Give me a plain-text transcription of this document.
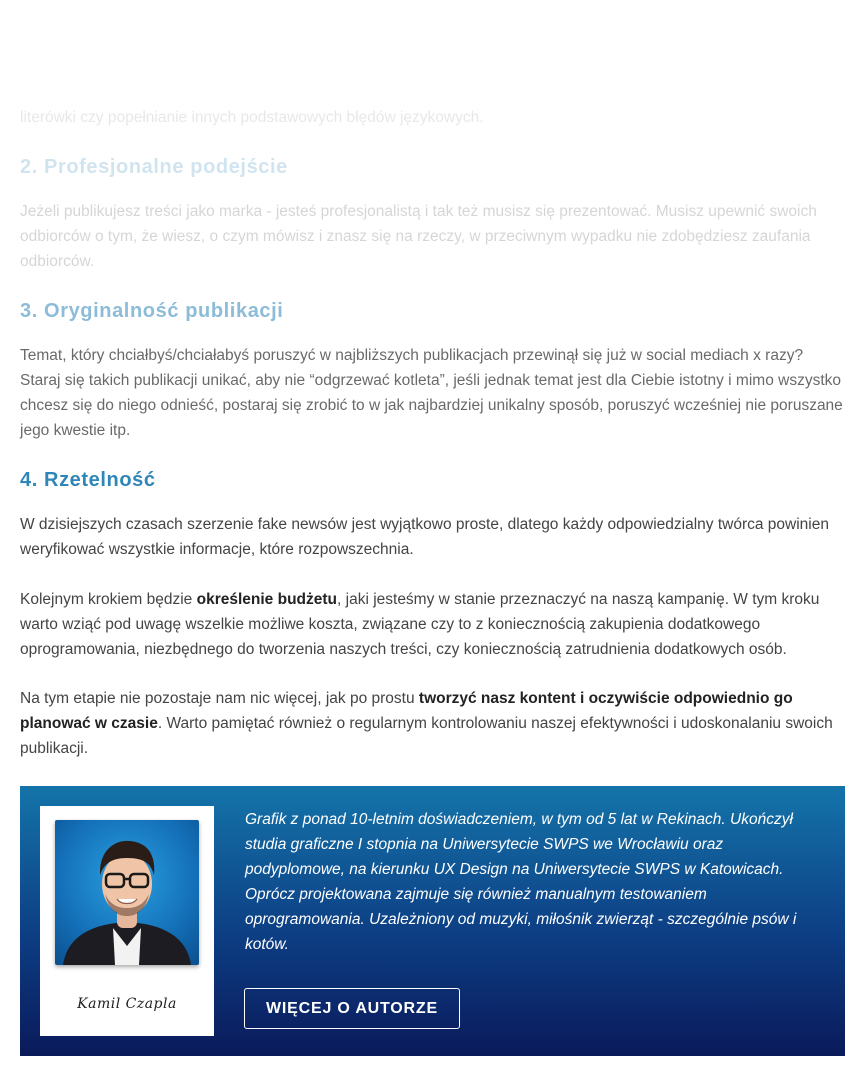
literówki czy popełnianie innych podstawowych błędów językowych.

2. Profesjonalne podejście

Jeżeli publikujesz treści jako marka - jesteś profesjonalistą i tak też musisz się prezentować. Musisz upewnić swoich odbiorców o tym, że wiesz, o czym mówisz i znasz się na rzeczy, w przeciwnym wypadku nie zdobędziesz zaufania odbiorców.

3. Oryginalność publikacji

Temat, który chciałbyś/chciałabyś poruszyć w najbliższych publikacjach przewinął się już w social mediach x razy? Staraj się takich publikacji unikać, aby nie “odgrzewać kotleta”, jeśli jednak temat jest dla Ciebie istotny i mimo wszystko chcesz się do niego odnieść, postaraj się zrobić to w jak najbardziej unikalny sposób, poruszyć wcześniej nie poruszane jego kwestie itp.

4. Rzetelność

W dzisiejszych czasach szerzenie fake newsów jest wyjątkowo proste, dlatego każdy odpowiedzialny twórca powinien weryfikować wszystkie informacje, które rozpowszechnia.

Kolejnym krokiem będzie określenie budżetu, jaki jesteśmy w stanie przeznaczyć na naszą kampanię. W tym kroku warto wziąć pod uwagę wszelkie możliwe koszta, związane czy to z koniecznością zakupienia dodatkowego oprogramowania, niezbędnego do tworzenia naszych treści, czy koniecznością zatrudnienia dodatkowych osób.

Na tym etapie nie pozostaje nam nic więcej, jak po prostu tworzyć nasz kontent i oczywiście odpowiednio go planować w czasie. Warto pamiętać również o regularnym kontrolowaniu naszej efektywności i udoskonalaniu swoich publikacji.

Kamil Czapla

Grafik z ponad 10-letnim doświadczeniem, w tym od 5 lat w Rekinach. Ukończył studia graficzne I stopnia na Uniwersytecie SWPS we Wrocławiu oraz podyplomowe, na kierunku UX Design na Uniwersytecie SWPS w Katowicach. Oprócz projektowana zajmuje się również manualnym testowaniem oprogramowania. Uzależniony od muzyki, miłośnik zwierząt - szczególnie psów i kotów.

WIĘCEJ O AUTORZE
